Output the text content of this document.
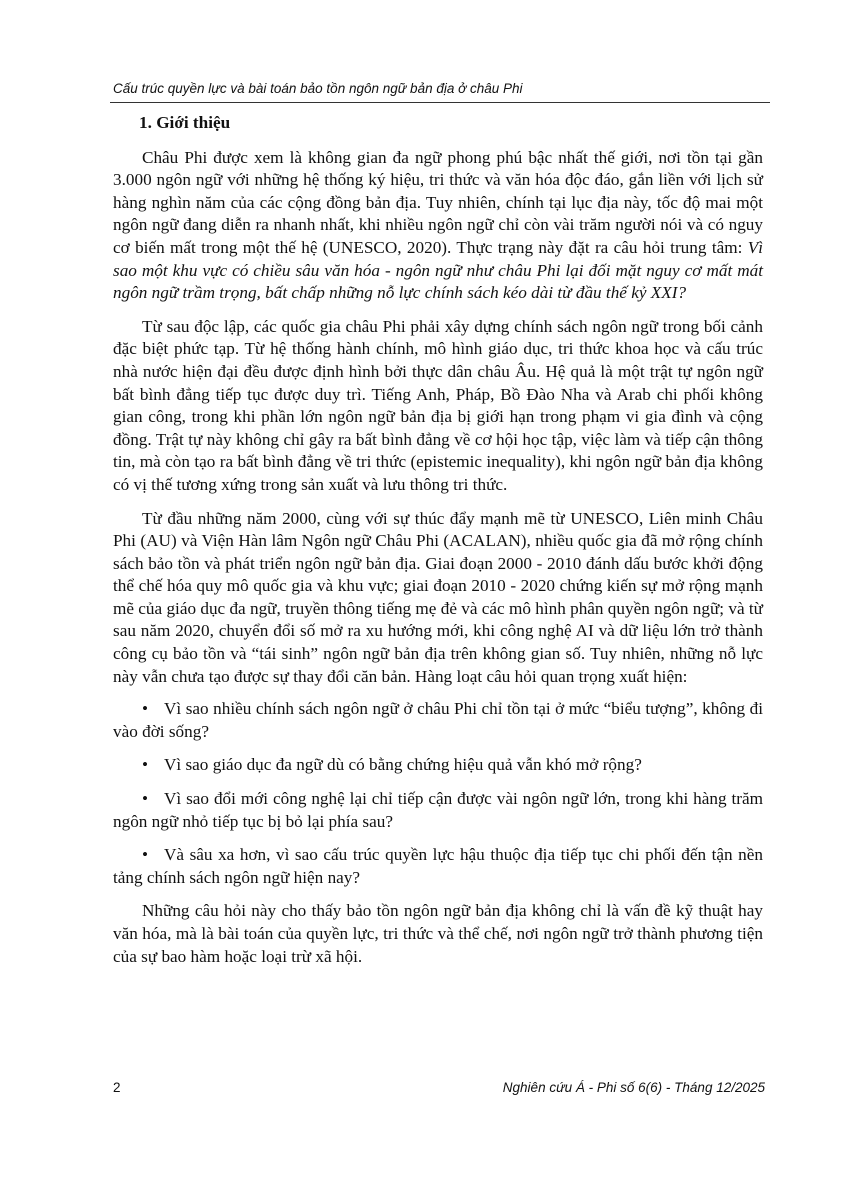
Cấu trúc quyền lực và bài toán bảo tồn ngôn ngữ bản địa ở châu Phi
1. Giới thiệu

Châu Phi được xem là không gian đa ngữ phong phú bậc nhất thế giới, nơi tồn tại gần 3.000 ngôn ngữ với những hệ thống ký hiệu, tri thức và văn hóa độc đáo, gắn liền với lịch sử hàng nghìn năm của các cộng đồng bản địa. Tuy nhiên, chính tại lục địa này, tốc độ mai một ngôn ngữ đang diễn ra nhanh nhất, khi nhiều ngôn ngữ chỉ còn vài trăm người nói và có nguy cơ biến mất trong một thế hệ (UNESCO, 2020). Thực trạng này đặt ra câu hỏi trung tâm: Vì sao một khu vực có chiều sâu văn hóa - ngôn ngữ như châu Phi lại đối mặt nguy cơ mất mát ngôn ngữ trầm trọng, bất chấp những nỗ lực chính sách kéo dài từ đầu thế kỷ XXI?

Từ sau độc lập, các quốc gia châu Phi phải xây dựng chính sách ngôn ngữ trong bối cảnh đặc biệt phức tạp. Từ hệ thống hành chính, mô hình giáo dục, tri thức khoa học và cấu trúc nhà nước hiện đại đều được định hình bởi thực dân châu Âu. Hệ quả là một trật tự ngôn ngữ bất bình đẳng tiếp tục được duy trì. Tiếng Anh, Pháp, Bồ Đào Nha và Arab chi phối không gian công, trong khi phần lớn ngôn ngữ bản địa bị giới hạn trong phạm vi gia đình và cộng đồng. Trật tự này không chỉ gây ra bất bình đẳng về cơ hội học tập, việc làm và tiếp cận thông tin, mà còn tạo ra bất bình đẳng về tri thức (epistemic inequality), khi ngôn ngữ bản địa không có vị thế tương xứng trong sản xuất và lưu thông tri thức.

Từ đầu những năm 2000, cùng với sự thúc đẩy mạnh mẽ từ UNESCO, Liên minh Châu Phi (AU) và Viện Hàn lâm Ngôn ngữ Châu Phi (ACALAN), nhiều quốc gia đã mở rộng chính sách bảo tồn và phát triển ngôn ngữ bản địa. Giai đoạn 2000 - 2010 đánh dấu bước khởi động thể chế hóa quy mô quốc gia và khu vực; giai đoạn 2010 - 2020 chứng kiến sự mở rộng mạnh mẽ của giáo dục đa ngữ, truyền thông tiếng mẹ đẻ và các mô hình phân quyền ngôn ngữ; và từ sau năm 2020, chuyển đổi số mở ra xu hướng mới, khi công nghệ AI và dữ liệu lớn trở thành công cụ bảo tồn và “tái sinh” ngôn ngữ bản địa trên không gian số. Tuy nhiên, những nỗ lực này vẫn chưa tạo được sự thay đổi căn bản. Hàng loạt câu hỏi quan trọng xuất hiện:

• Vì sao nhiều chính sách ngôn ngữ ở châu Phi chỉ tồn tại ở mức “biểu tượng”, không đi vào đời sống?
• Vì sao giáo dục đa ngữ dù có bằng chứng hiệu quả vẫn khó mở rộng?
• Vì sao đổi mới công nghệ lại chỉ tiếp cận được vài ngôn ngữ lớn, trong khi hàng trăm ngôn ngữ nhỏ tiếp tục bị bỏ lại phía sau?
• Và sâu xa hơn, vì sao cấu trúc quyền lực hậu thuộc địa tiếp tục chi phối đến tận nền tảng chính sách ngôn ngữ hiện nay?

Những câu hỏi này cho thấy bảo tồn ngôn ngữ bản địa không chỉ là vấn đề kỹ thuật hay văn hóa, mà là bài toán của quyền lực, tri thức và thể chế, nơi ngôn ngữ trở thành phương tiện của sự bao hàm hoặc loại trừ xã hội.

2	Nghiên cứu Á - Phi số 6(6) - Tháng 12/2025
